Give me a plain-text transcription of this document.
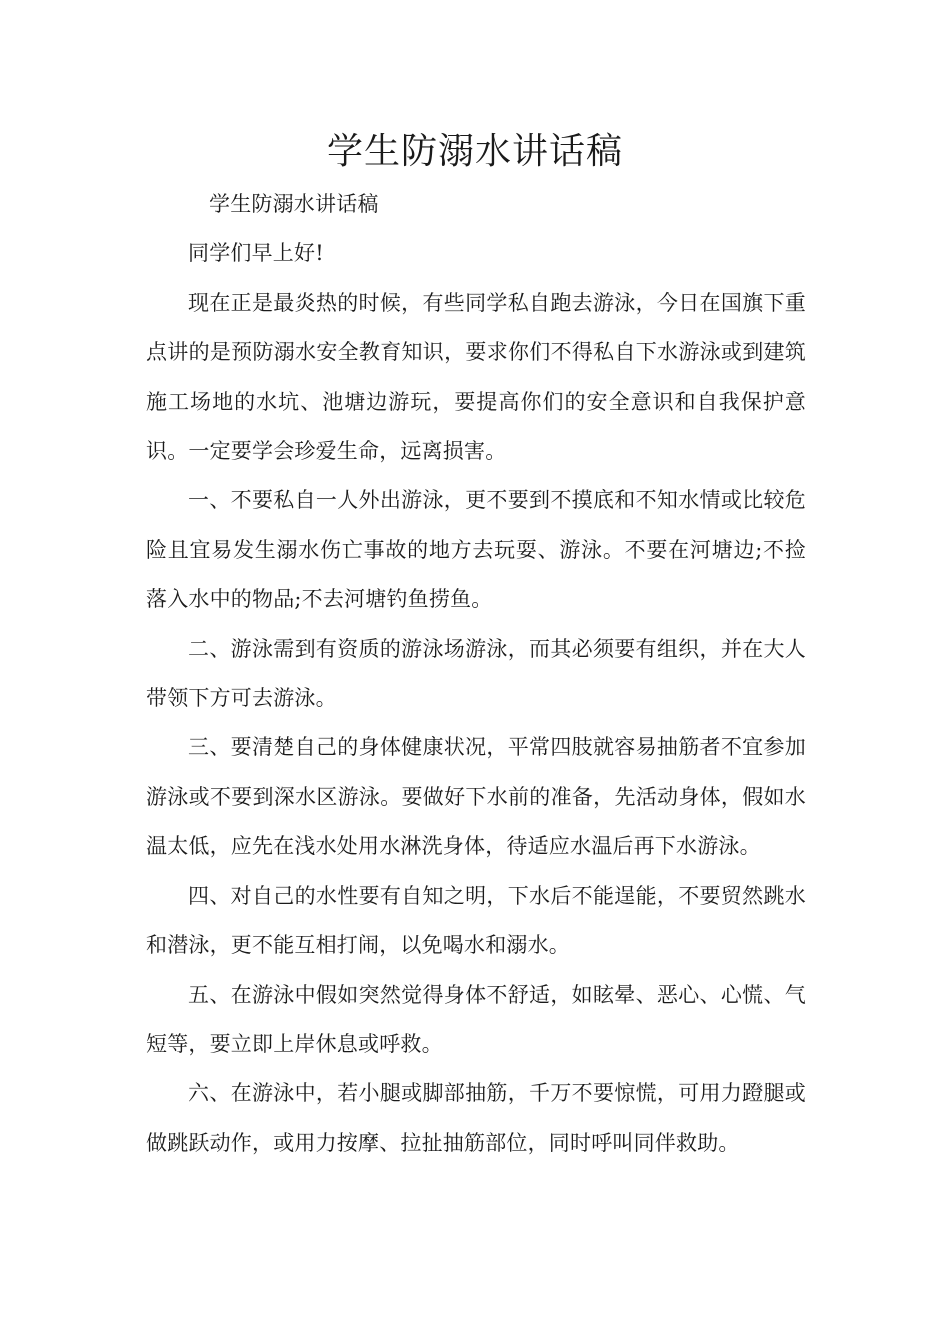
学生防溺水讲话稿

学生防溺水讲话稿

同学们早上好!

现在正是最炎热的时候，有些同学私自跑去游泳，今日在国旗下重点讲的是预防溺水安全教育知识，要求你们不得私自下水游泳或到建筑施工场地的水坑、池塘边游玩，要提高你们的安全意识和自我保护意识。一定要学会珍爱生命，远离损害。

一、不要私自一人外出游泳，更不要到不摸底和不知水情或比较危险且宜易发生溺水伤亡事故的地方去玩耍、游泳。不要在河塘边;不捡落入水中的物品;不去河塘钓鱼捞鱼。

二、游泳需到有资质的游泳场游泳，而其必须要有组织，并在大人带领下方可去游泳。

三、要清楚自己的身体健康状况，平常四肢就容易抽筋者不宜参加游泳或不要到深水区游泳。要做好下水前的准备，先活动身体，假如水温太低，应先在浅水处用水淋洗身体，待适应水温后再下水游泳。

四、对自己的水性要有自知之明，下水后不能逞能，不要贸然跳水和潜泳，更不能互相打闹，以免喝水和溺水。

五、在游泳中假如突然觉得身体不舒适，如眩晕、恶心、心慌、气短等，要立即上岸休息或呼救。

六、在游泳中，若小腿或脚部抽筋，千万不要惊慌，可用力蹬腿或做跳跃动作，或用力按摩、拉扯抽筋部位，同时呼叫同伴救助。
